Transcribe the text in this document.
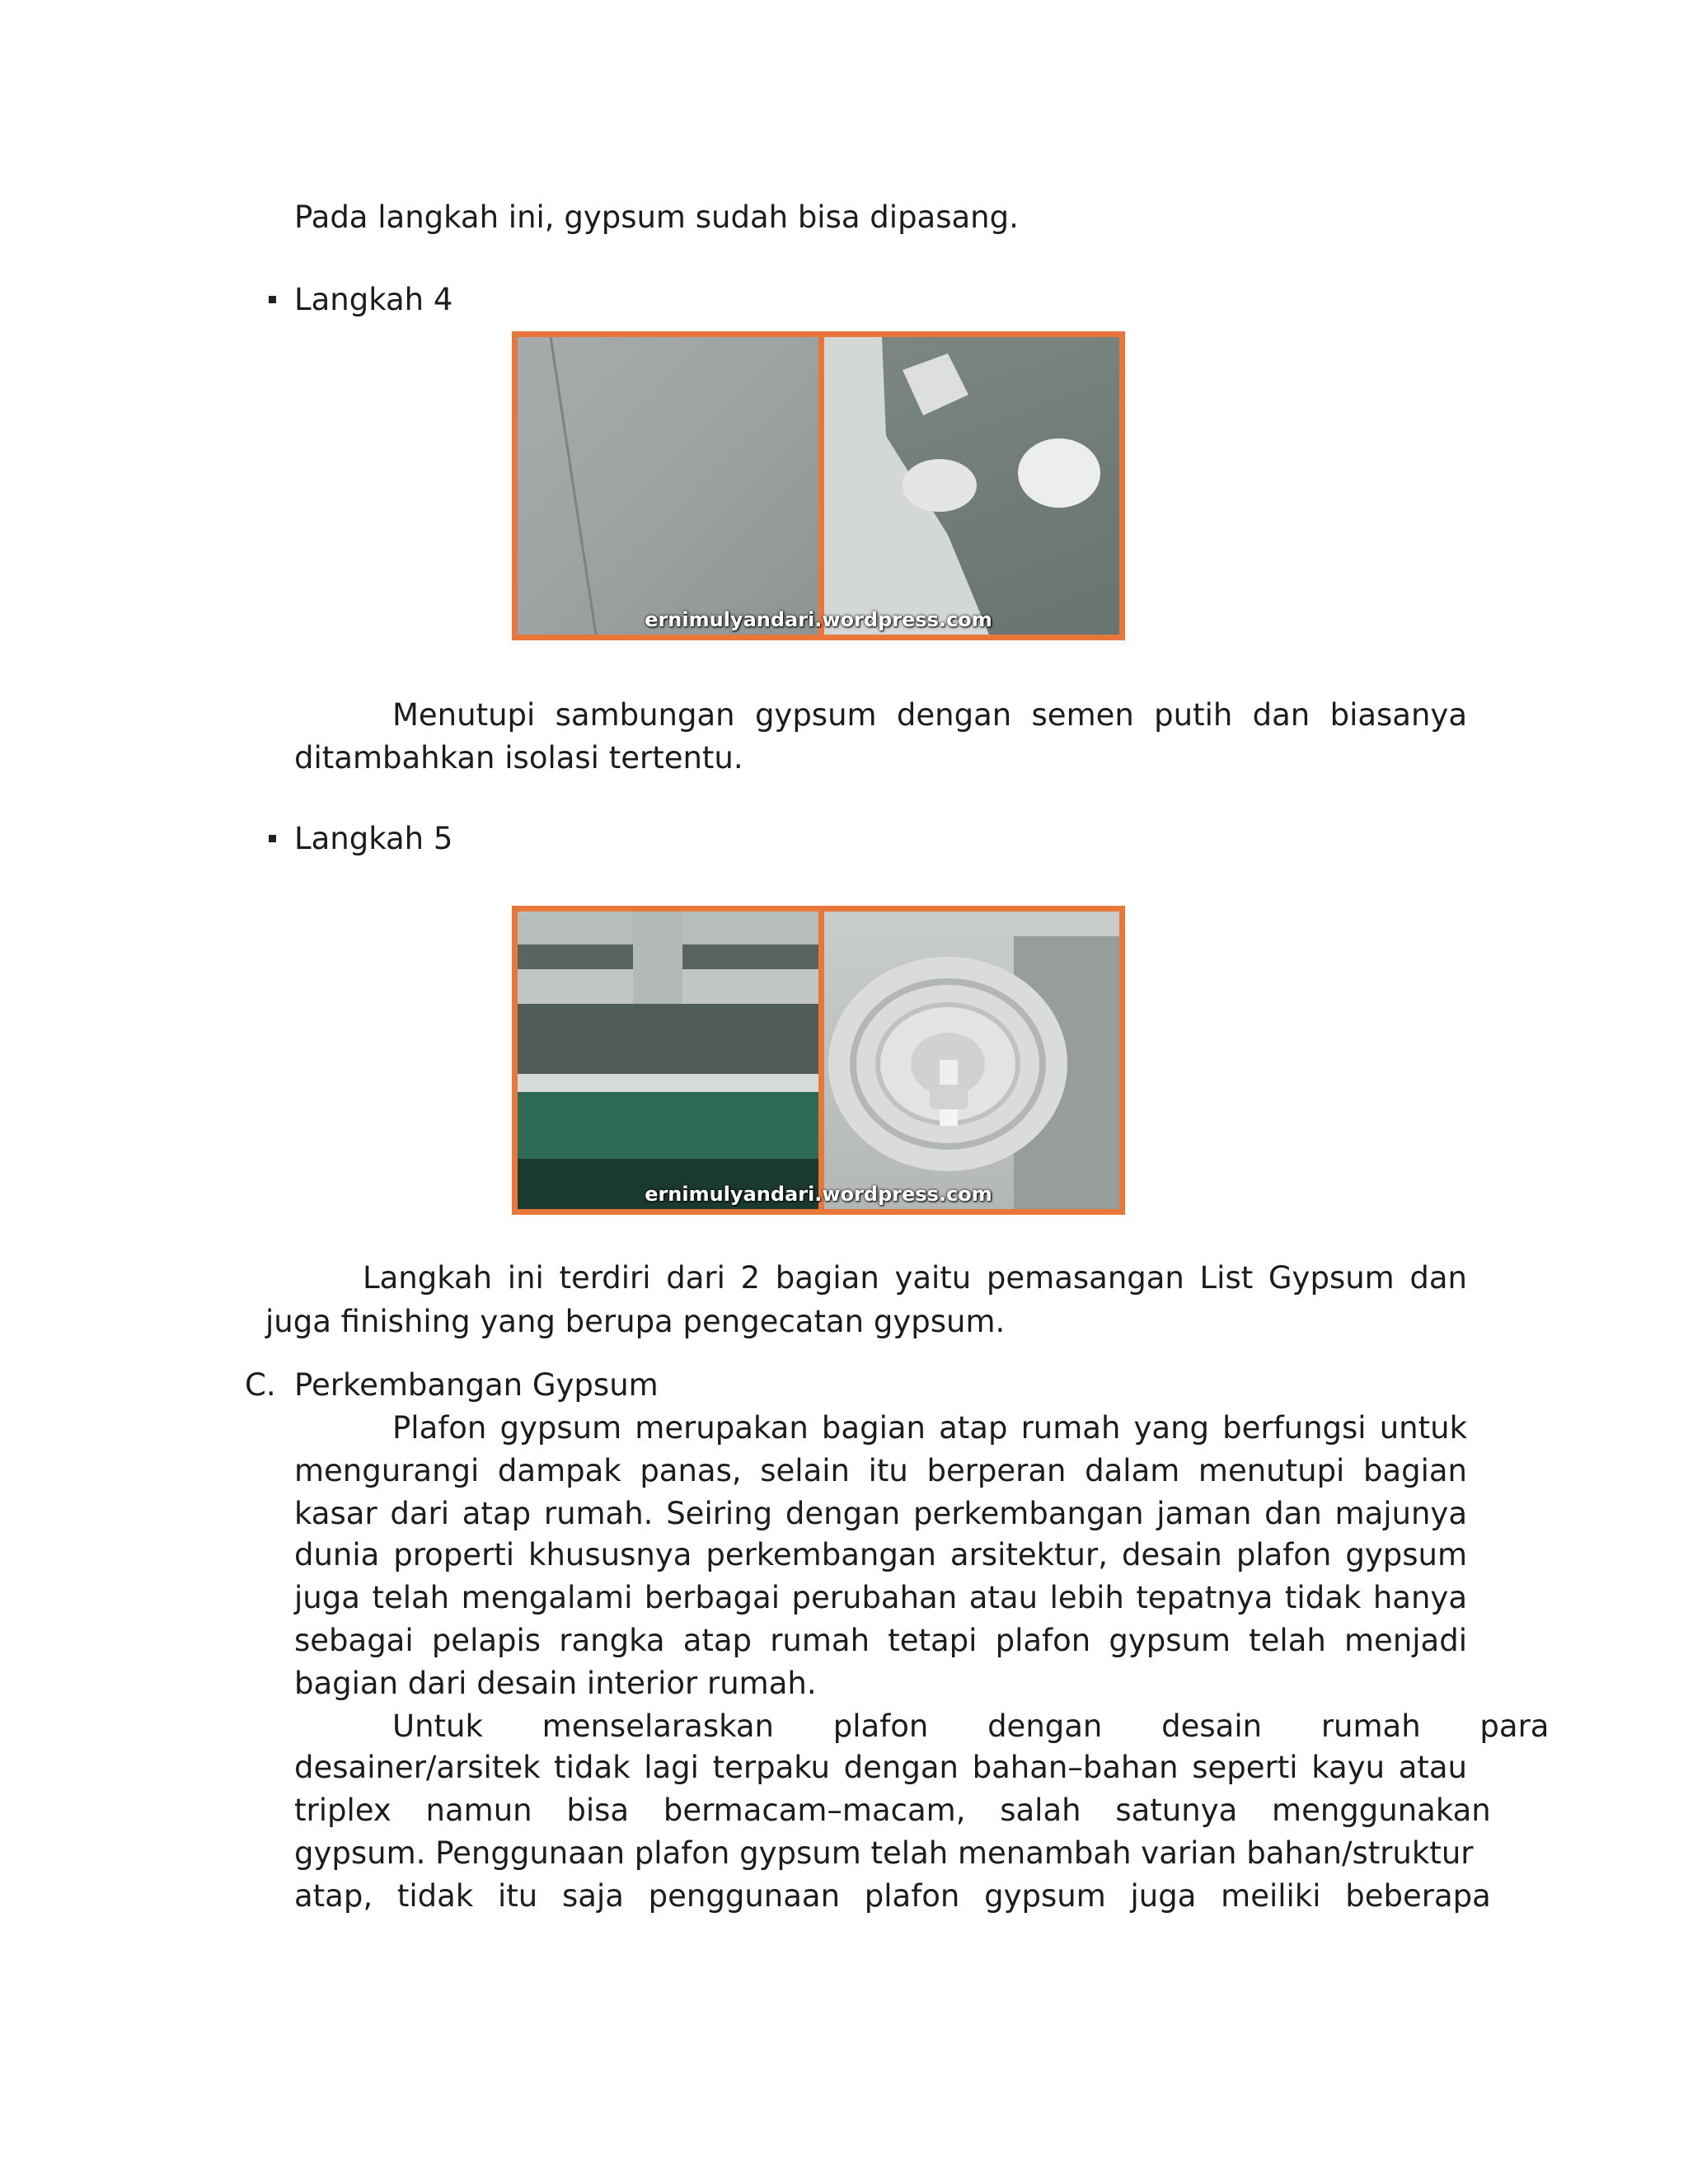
Pada langkah ini, gypsum sudah bisa dipasang.
Langkah 4
ernimulyandari.wordpress.com
Menutupi sambungan gypsum dengan semen putih dan biasanya
ditambahkan isolasi tertentu.
Langkah 5
ernimulyandari.wordpress.com
Langkah ini terdiri dari 2 bagian yaitu pemasangan List Gypsum dan
juga finishing yang berupa pengecatan gypsum.
C. Perkembangan Gypsum
Plafon gypsum merupakan bagian atap rumah yang berfungsi untuk
mengurangi dampak panas, selain itu berperan dalam menutupi bagian
kasar dari atap rumah. Seiring dengan perkembangan jaman dan majunya
dunia properti khususnya perkembangan arsitektur, desain plafon gypsum
juga telah mengalami berbagai perubahan atau lebih tepatnya tidak hanya
sebagai pelapis rangka atap rumah tetapi plafon gypsum telah menjadi
bagian dari desain interior rumah.
Untuk menselaraskan plafon dengan desain rumah para
desainer/arsitek tidak lagi terpaku dengan bahan–bahan seperti kayu atau
triplex namun bisa bermacam–macam, salah satunya menggunakan
gypsum. Penggunaan plafon gypsum telah menambah varian bahan/struktur
atap, tidak itu saja penggunaan plafon gypsum juga meiliki beberapa
